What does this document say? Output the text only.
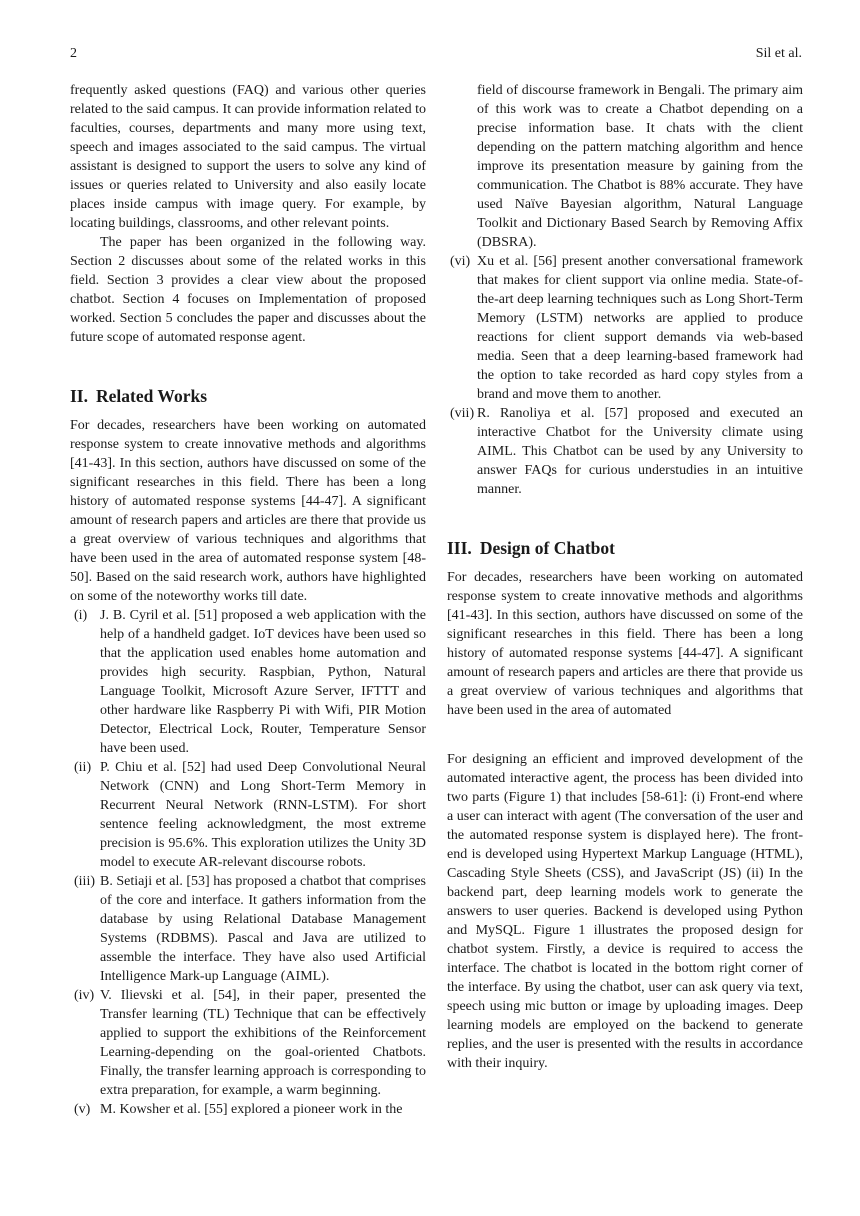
2	Sil et al.

frequently asked questions (FAQ) and various other queries related to the said campus. It can provide information related to faculties, courses, departments and many more using text, speech and images associated to the said campus. The virtual assistant is designed to support the users to solve any kind of issues or queries related to University and also easily locate places inside campus with image query. For example, by locating buildings, classrooms, and other relevant points.

The paper has been organized in the following way. Section 2 discusses about some of the related works in this field. Section 3 provides a clear view about the proposed chatbot. Section 4 focuses on Implementation of proposed worked. Section 5 concludes the paper and discusses about the future scope of automated response agent.

II. Related Works

For decades, researchers have been working on automated response system to create innovative methods and algorithms [41-43]. In this section, authors have discussed on some of the significant researches in this field. There has been a long history of automated response systems [44-47]. A significant amount of research papers and articles are there that provide us a great overview of various techniques and algorithms that have been used in the area of automated response system [48-50]. Based on the said research work, authors have highlighted on some of the noteworthy works till date.

(i) J. B. Cyril et al. [51] proposed a web application with the help of a handheld gadget. IoT devices have been used so that the application used enables home automation and provides high security. Raspbian, Python, Natural Language Toolkit, Microsoft Azure Server, IFTTT and other hardware like Raspberry Pi with Wifi, PIR Motion Detector, Electrical Lock, Router, Temperature Sensor have been used.
(ii) P. Chiu et al. [52] had used Deep Convolutional Neural Network (CNN) and Long Short-Term Memory in Recurrent Neural Network (RNN-LSTM). For short sentence feeling acknowledgment, the most extreme precision is 95.6%. This exploration utilizes the Unity 3D model to execute AR-relevant discourse robots.
(iii) B. Setiaji et al. [53] has proposed a chatbot that comprises of the core and interface. It gathers information from the database by using Relational Database Management Systems (RDBMS). Pascal and Java are utilized to assemble the interface. They have also used Artificial Intelligence Mark-up Language (AIML).
(iv) V. Ilievski et al. [54], in their paper, presented the Transfer learning (TL) Technique that can be effectively applied to support the exhibitions of the Reinforcement Learning-depending on the goal-oriented Chatbots. Finally, the transfer learning approach is corresponding to extra preparation, for example, a warm beginning.
(v) M. Kowsher et al. [55] explored a pioneer work in the

field of discourse framework in Bengali. The primary aim of this work was to create a Chatbot depending on a precise information base. It chats with the client depending on the pattern matching algorithm and hence improve its presentation measure by gaining from the communication. The Chatbot is 88% accurate. They have used Naïve Bayesian algorithm, Natural Language Toolkit and Dictionary Based Search by Removing Affix (DBSRA).

(vi) Xu et al. [56] present another conversational framework that makes for client support via online media. State-of-the-art deep learning techniques such as Long Short-Term Memory (LSTM) networks are applied to produce reactions for client support demands via web-based media. Seen that a deep learning-based framework had the option to take recorded as hard copy styles from a brand and move them to another.
(vii) R. Ranoliya et al. [57] proposed and executed an interactive Chatbot for the University climate using AIML. This Chatbot can be used by any University to answer FAQs for curious understudies in an intuitive manner.
III. Design of Chatbot

For decades, researchers have been working on automated response system to create innovative methods and algorithms [41-43]. In this section, authors have discussed on some of the significant researches in this field. There has been a long history of automated response systems [44-47]. A significant amount of research papers and articles are there that provide us a great overview of various techniques and algorithms that have been used in the area of automated

For designing an efficient and improved development of the automated interactive agent, the process has been divided into two parts (Figure 1) that includes [58-61]: (i) Front-end where a user can interact with agent (The conversation of the user and the automated response system is displayed here). The front-end is developed using Hypertext Markup Language (HTML), Cascading Style Sheets (CSS), and JavaScript (JS) (ii) In the backend part, deep learning models work to generate the answers to user queries. Backend is developed using Python and MySQL. Figure 1 illustrates the proposed design for chatbot system. Firstly, a device is required to access the interface. The chatbot is located in the bottom right corner of the interface. By using the chatbot, user can ask query via text, speech using mic button or image by uploading images. Deep learning models are employed on the backend to generate replies, and the user is presented with the results in accordance with their inquiry.
